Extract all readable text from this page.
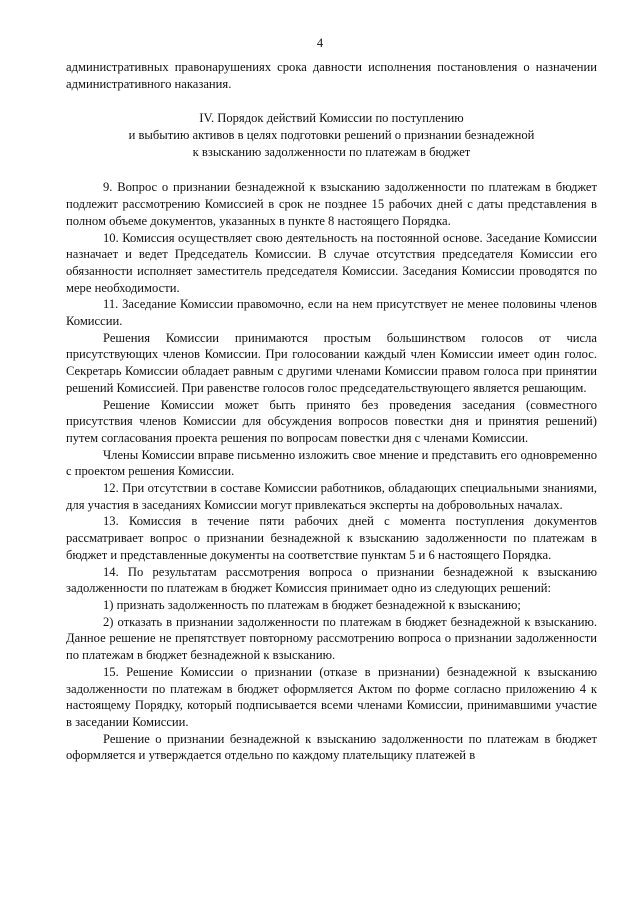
4

административных правонарушениях срока давности исполнения постановления о назначении административного наказания.

IV. Порядок действий Комиссии по поступлению
и выбытию активов в целях подготовки решений о признании безнадежной
к взысканию задолженности по платежам в бюджет

9. Вопрос о признании безнадежной к взысканию задолженности по платежам в бюджет подлежит рассмотрению Комиссией в срок не позднее 15 рабочих дней с даты представления в полном объеме документов, указанных в пункте 8 настоящего Порядка.

10. Комиссия осуществляет свою деятельность на постоянной основе. Заседание Комиссии назначает и ведет Председатель Комиссии. В случае отсутствия председателя Комиссии его обязанности исполняет заместитель председателя Комиссии. Заседания Комиссии проводятся по мере необходимости.

11. Заседание Комиссии правомочно, если на нем присутствует не менее половины членов Комиссии.

Решения Комиссии принимаются простым большинством голосов от числа присутствующих членов Комиссии. При голосовании каждый член Комиссии имеет один голос. Секретарь Комиссии обладает равным с другими членами Комиссии правом голоса при принятии решений Комиссией. При равенстве голосов голос председательствующего является решающим.

Решение Комиссии может быть принято без проведения заседания (совместного присутствия членов Комиссии для обсуждения вопросов повестки дня и принятия решений) путем согласования проекта решения по вопросам повестки дня с членами Комиссии.

Члены Комиссии вправе письменно изложить свое мнение и представить его одновременно с проектом решения Комиссии.

12. При отсутствии в составе Комиссии работников, обладающих специальными знаниями, для участия в заседаниях Комиссии могут привлекаться эксперты на добровольных началах.

13. Комиссия в течение пяти рабочих дней с момента поступления документов рассматривает вопрос о признании безнадежной к взысканию задолженности по платежам в бюджет и представленные документы на соответствие пунктам 5 и 6 настоящего Порядка.

14. По результатам рассмотрения вопроса о признании безнадежной к взысканию задолженности по платежам в бюджет Комиссия принимает одно из следующих решений:

1) признать задолженность по платежам в бюджет безнадежной к взысканию;

2) отказать в признании задолженности по платежам в бюджет безнадежной к взысканию. Данное решение не препятствует повторному рассмотрению вопроса о признании задолженности по платежам в бюджет безнадежной к взысканию.

15. Решение Комиссии о признании (отказе в признании) безнадежной к взысканию задолженности по платежам в бюджет оформляется Актом по форме согласно приложению 4 к настоящему Порядку, который подписывается всеми членами Комиссии, принимавшими участие в заседании Комиссии.

Решение о признании безнадежной к взысканию задолженности по платежам в бюджет оформляется и утверждается отдельно по каждому плательщику платежей в
